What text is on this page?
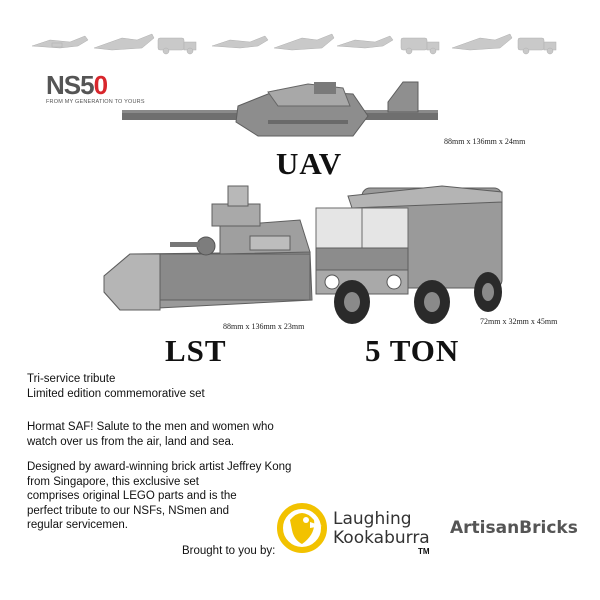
NS50
FROM MY GENERATION TO YOURS
88mm x 136mm x 24mm
UAV
88mm x 136mm x 23mm
LST
72mm x 32mm x 45mm
5 TON
Tri-service tribute
Limited edition commemorative set
Hormat SAF! Salute to the men and women who
watch over us from the air, land and sea.
Designed by award-winning brick artist Jeffrey Kong
from Singapore, this exclusive set
comprises original LEGO parts and is the
perfect tribute to our NSFs, NSmen and
regular servicemen.
Brought to you by:
Laughing
Kookaburra
TM
ArtisanBricks
